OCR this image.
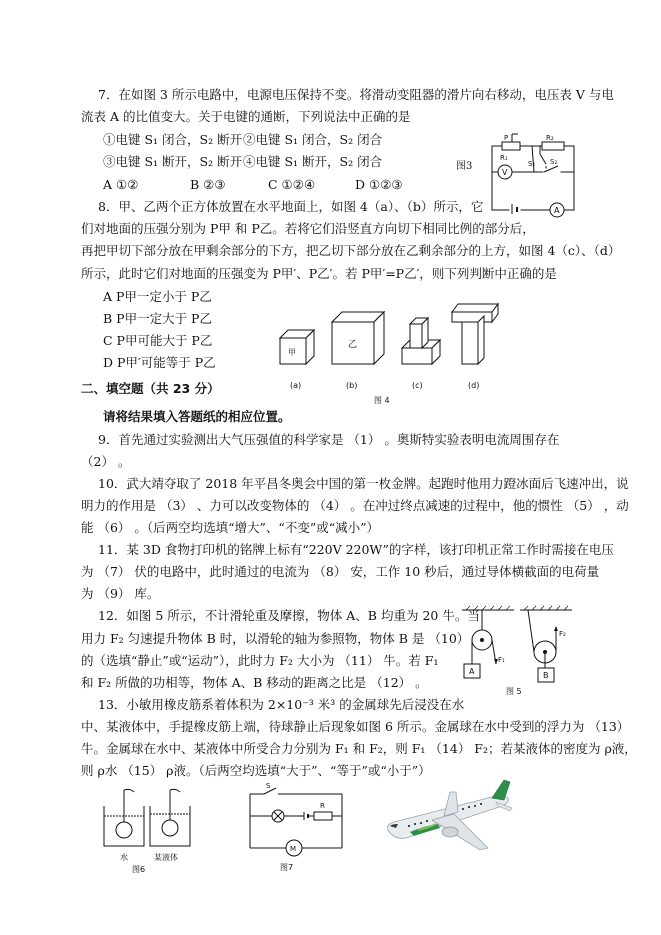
7．在如图 3 所示电路中，电源电压保持不变。将滑动变阻器的滑片向右移动，电压表 V 与电
流表 A 的比值变大。关于电键的通断，下列说法中正确的是
①电键 S₁ 闭合，S₂ 断开 ②电键 S₁ 闭合，S₂ 闭合
③电键 S₁ 断开，S₂ 断开 ④电键 S₁ 断开，S₂ 闭合
A ①②	B ②③	C ①②④	D ①②③
图3
P	R₂
R₁
S₁ S₂
V
A
8．甲、乙两个正方体放置在水平地面上，如图 4（a）、（b）所示，它
们对地面的压强分别为 P甲 和 P乙。若将它们沿竖直方向切下相同比例的部分后，
再把甲切下部分放在甲剩余部分的下方，把乙切下部分放在乙剩余部分的上方，如图 4（c）、（d）
所示，此时它们对地面的压强变为 P甲′、P乙′。若 P甲′=P乙′，则下列判断中正确的是
A P甲一定小于 P乙
B P甲一定大于 P乙
C P甲可能大于 P乙
D P甲′可能等于 P乙
甲
乙
(a)	(b)	(c)	(d)
图 4
二、填空题（共 23 分）
请将结果填入答题纸的相应位置。
9．首先通过实验测出大气压强值的科学家是 （1） 。奥斯特实验表明电流周围存在
（2） 。
10．武大靖夺取了 2018 年平昌冬奥会中国的第一枚金牌。起跑时他用力蹬冰面后飞速冲出，说
明力的作用是 （3） 、力可以改变物体的 （4） 。在冲过终点减速的过程中，他的惯性 （5） ，动
能 （6） 。（后两空均选填“增大”、“不变”或“减小”）
11．某 3D 食物打印机的铭牌上标有“220V 220W”的字样，该打印机正常工作时需接在电压
为 （7） 伏的电路中，此时通过的电流为 （8） 安，工作 10 秒后，通过导体横截面的电荷量
为 （9） 库。
12．如图 5 所示，不计滑轮重及摩擦，物体 A、B 均重为 20 牛。当
用力 F₂ 匀速提升物体 B 时，以滑轮的轴为参照物，物体 B 是 （10）
的（选填“静止”或“运动”），此时力 F₂ 大小为 （11） 牛。若 F₁
和 F₂ 所做的功相等，物体 A、B 移动的距离之比是 （12） 。
F₁
F₂
A	B
图 5
13．小敏用橡皮筋系着体积为 2×10⁻³ 米³ 的金属球先后浸没在水
中、某液体中，手提橡皮筋上端，待球静止后现象如图 6 所示。金属球在水中受到的浮力为 （13）
牛。金属球在水中、某液体中所受合力分别为 F₁ 和 F₂，则 F₁ （14） F₂；若某液体的密度为 ρ液，
则 ρ水 （15） ρ液。（后两空均选填“大于”、“等于”或“小于”）
水	某液体
图6
S
R
M
图7
